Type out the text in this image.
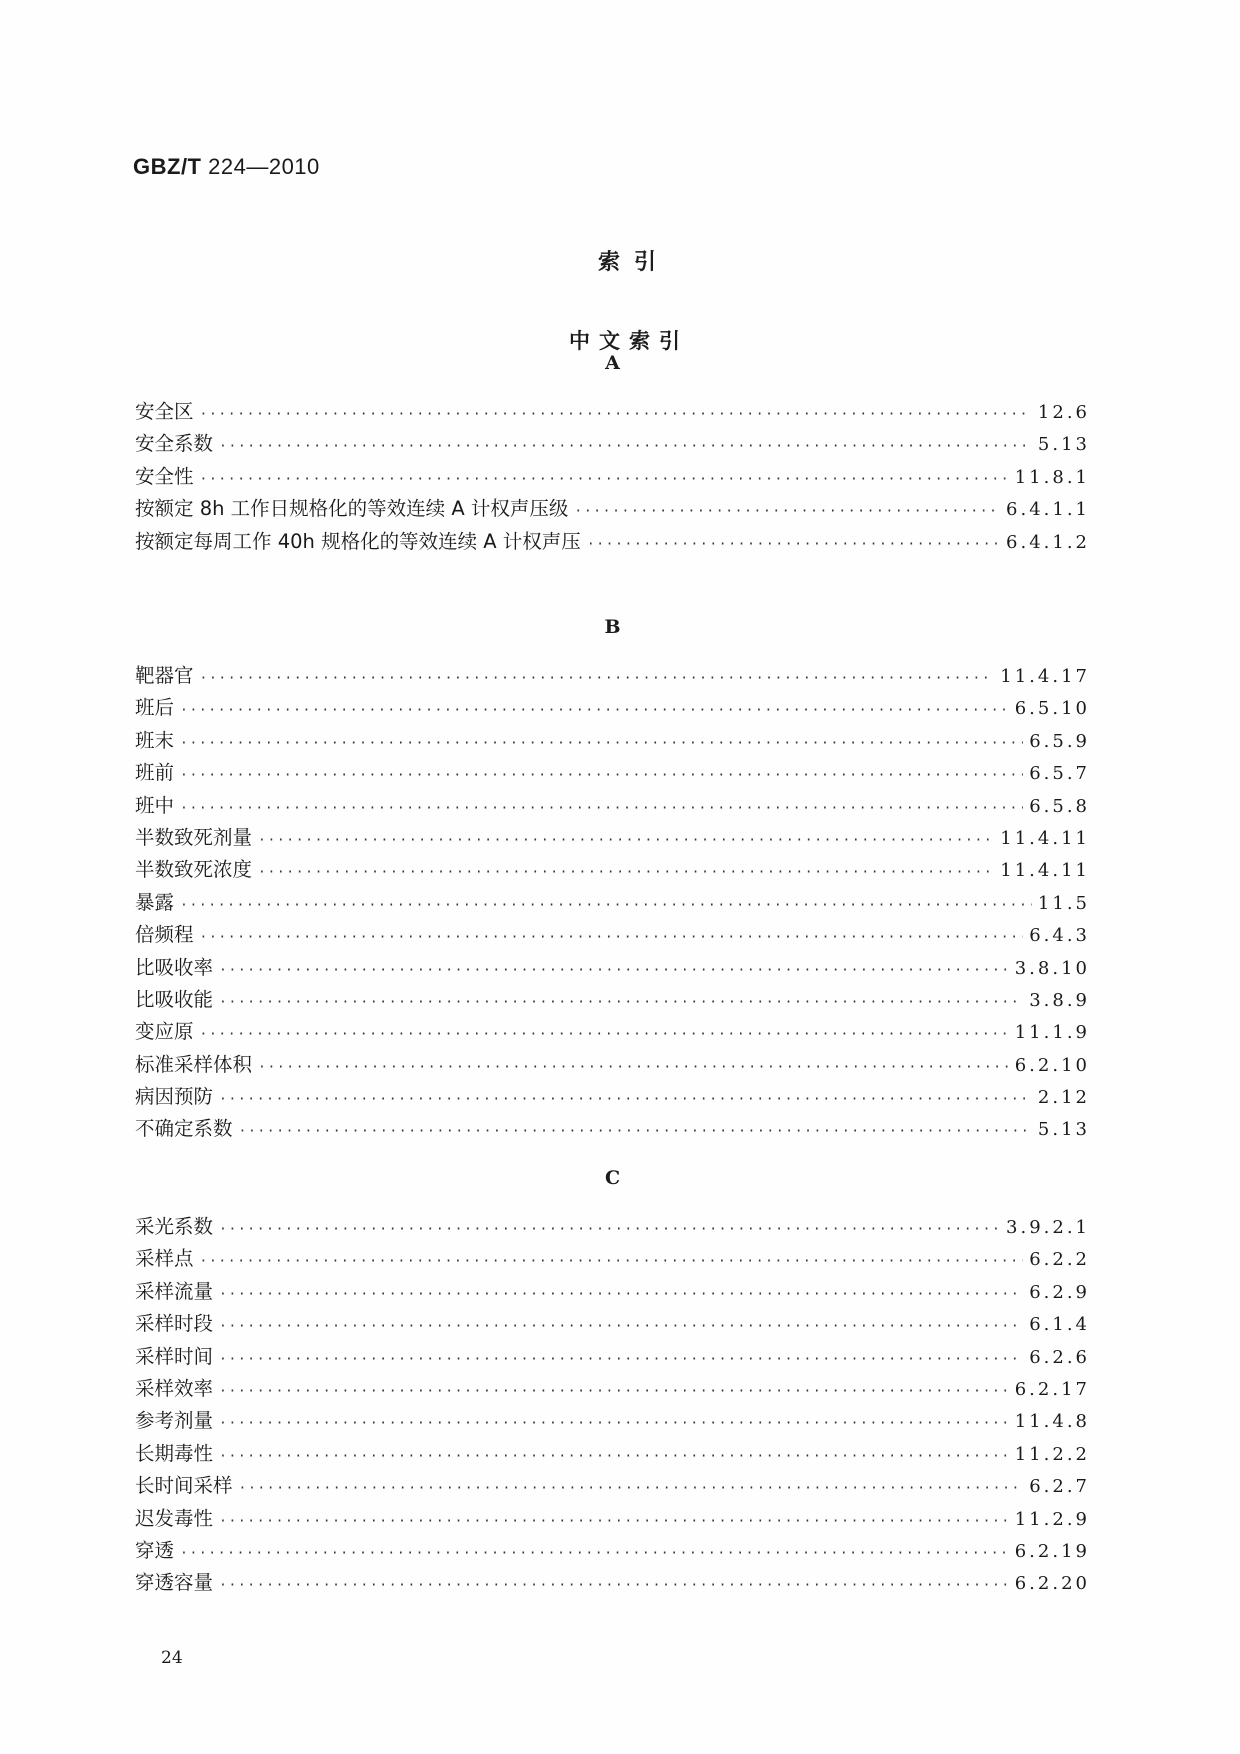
GBZ/T 224—2010
索引
中文索引
A
安全区 ·····	12.6
安全系数 ·····	5.13
安全性 ·····	11.8.1
按额定 8h 工作日规格化的等效连续 A 计权声压级 ·····	6.4.1.1
按额定每周工作 40h 规格化的等效连续 A 计权声压 ·····	6.4.1.2
B
靶器官 ·····	11.4.17
班后 ·····	6.5.10
班末 ·····	6.5.9
班前 ·····	6.5.7
班中 ·····	6.5.8
半数致死剂量 ·····	11.4.11
半数致死浓度 ·····	11.4.11
暴露 ·····	11.5
倍频程 ·····	6.4.3
比吸收率 ·····	3.8.10
比吸收能 ·····	3.8.9
变应原 ·····	11.1.9
标准采样体积 ·····	6.2.10
病因预防 ·····	2.12
不确定系数 ·····	5.13
C
采光系数 ·····	3.9.2.1
采样点 ·····	6.2.2
采样流量 ·····	6.2.9
采样时段 ·····	6.1.4
采样时间 ·····	6.2.6
采样效率 ·····	6.2.17
参考剂量 ·····	11.4.8
长期毒性 ·····	11.2.2
长时间采样 ·····	6.2.7
迟发毒性 ·····	11.2.9
穿透 ·····	6.2.19
穿透容量 ·····	6.2.20
24
